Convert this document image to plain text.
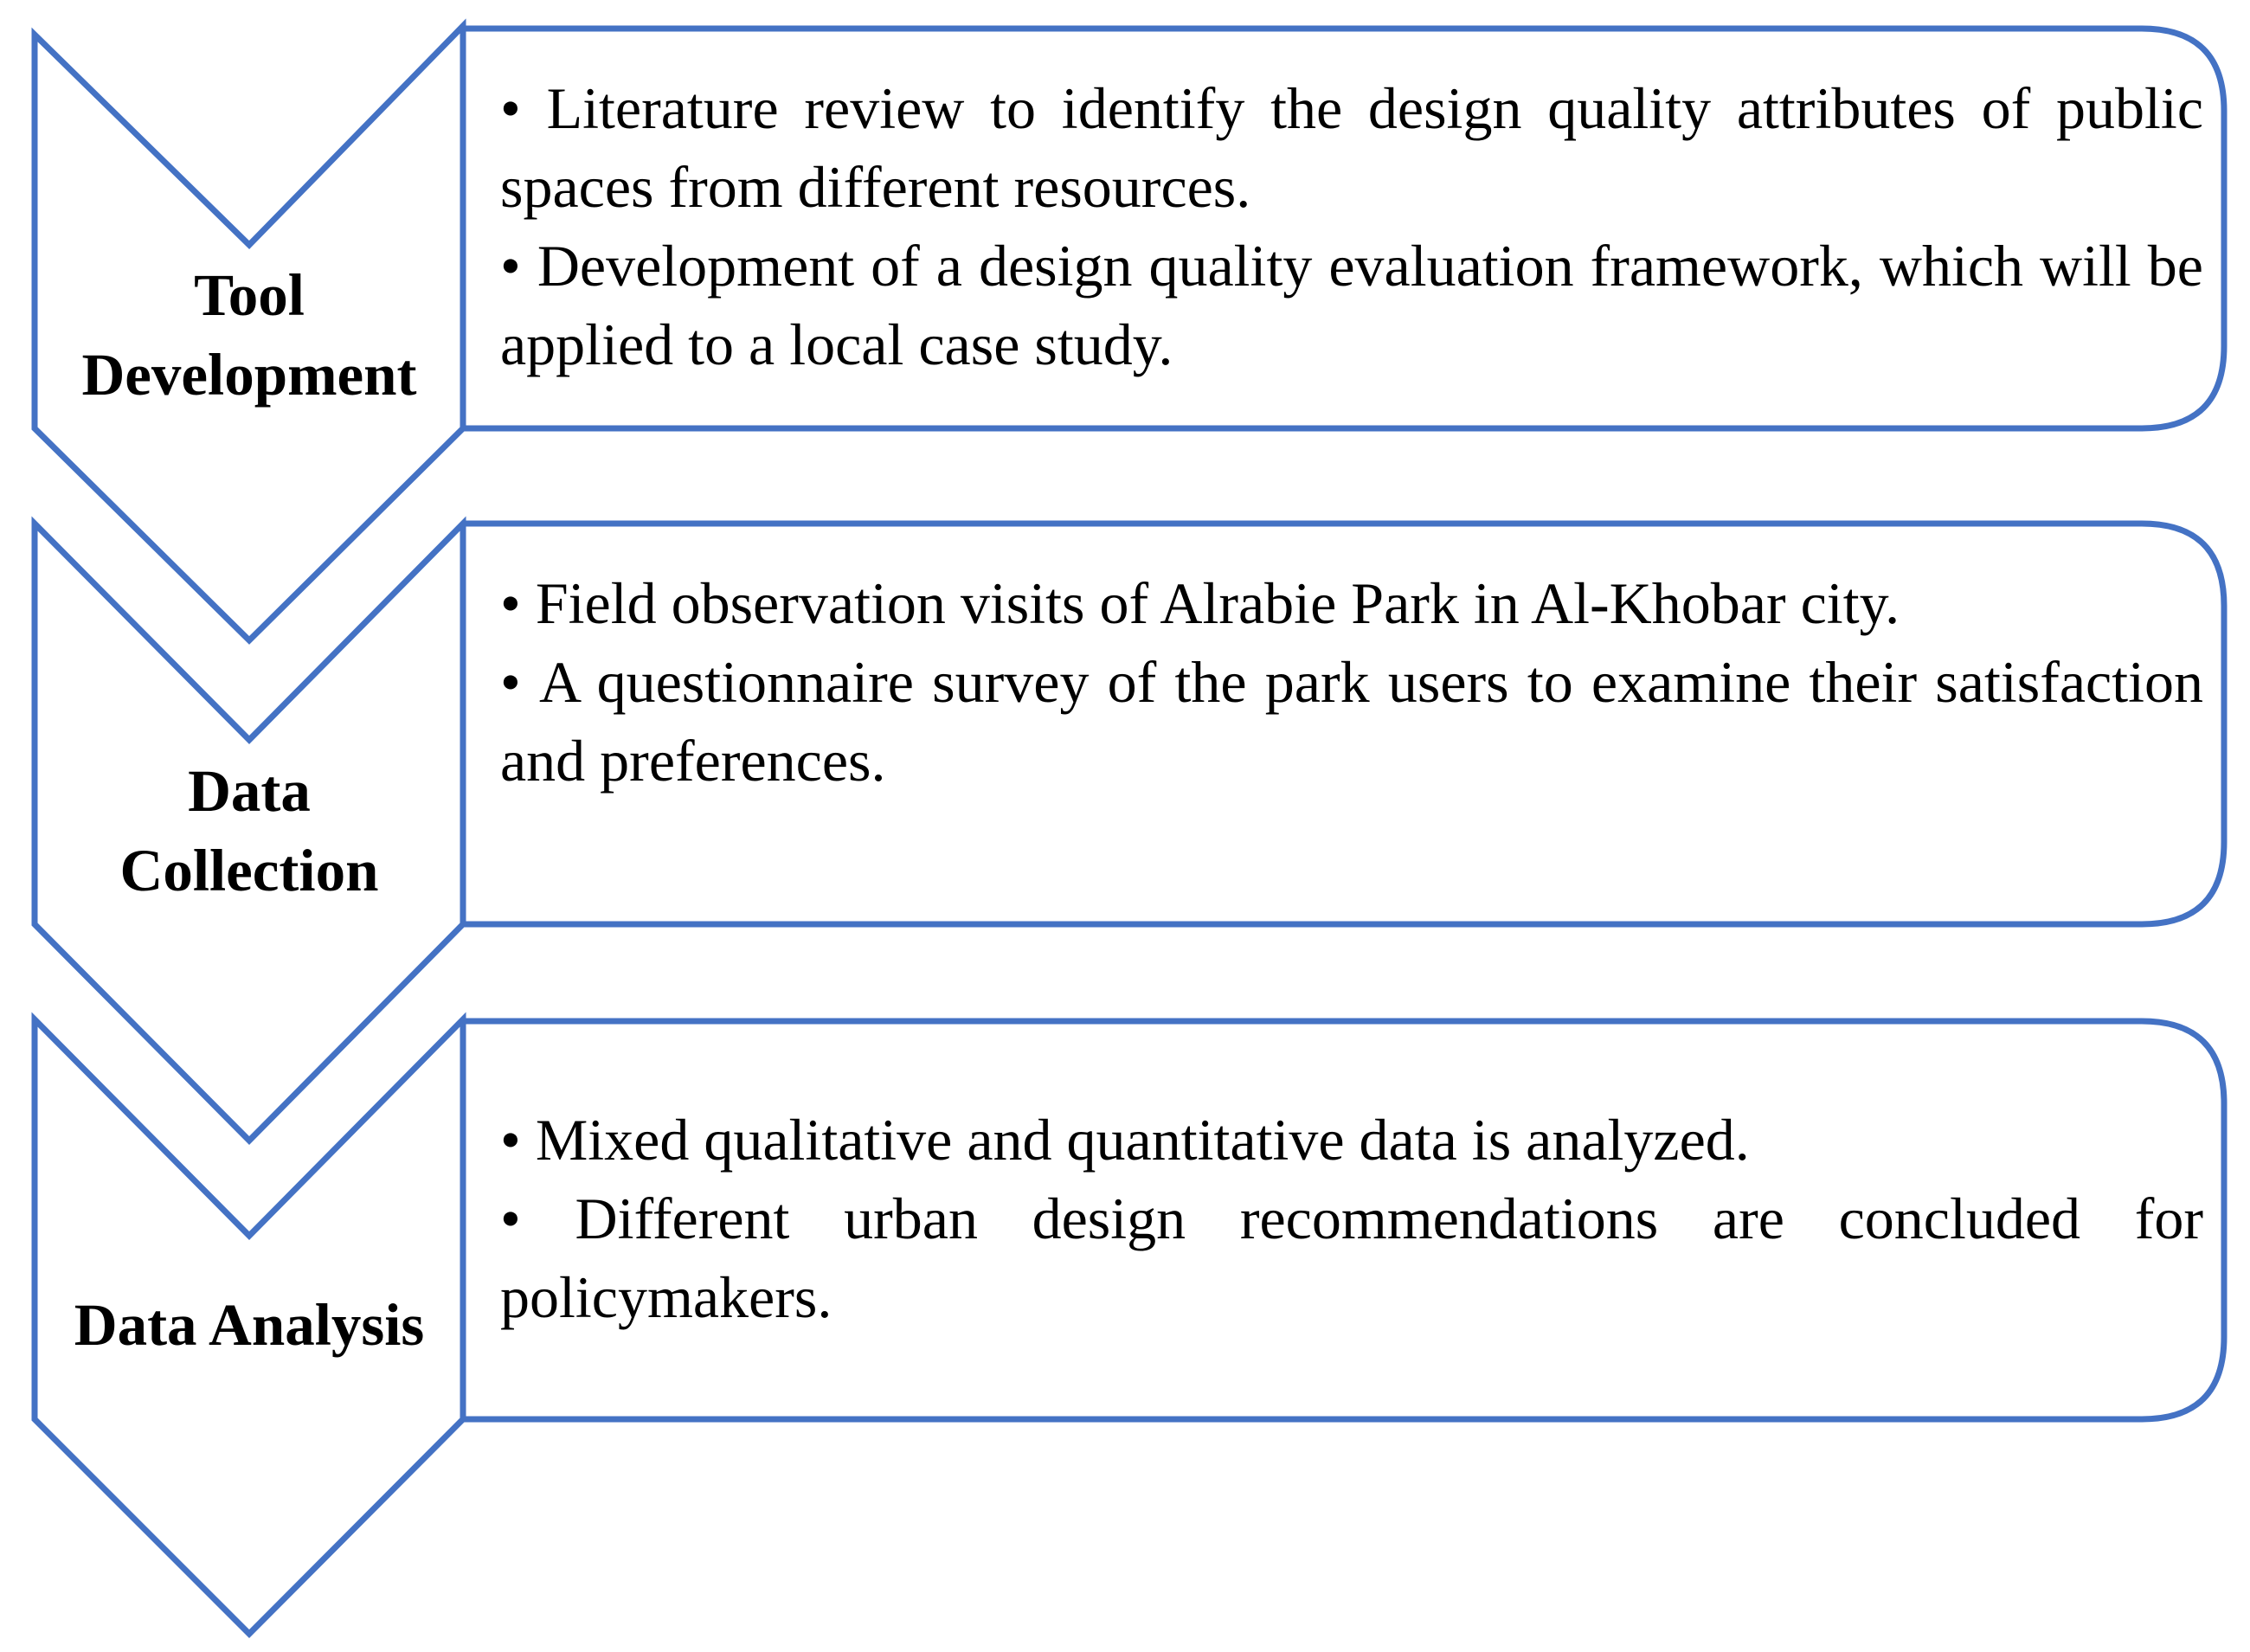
Tool
Development
• Literature review to identify the design quality attributes of public spaces from different resources.
• Development of a design quality evaluation framework, which will be applied to a local case study.
Data
Collection
• Field observation visits of Alrabie Park in Al-Khobar city.
• A questionnaire survey of the park users to examine their satisfaction and preferences.
Data Analysis
• Mixed qualitative and quantitative data is analyzed.
• Different urban design recommendations are concluded for policymakers.
